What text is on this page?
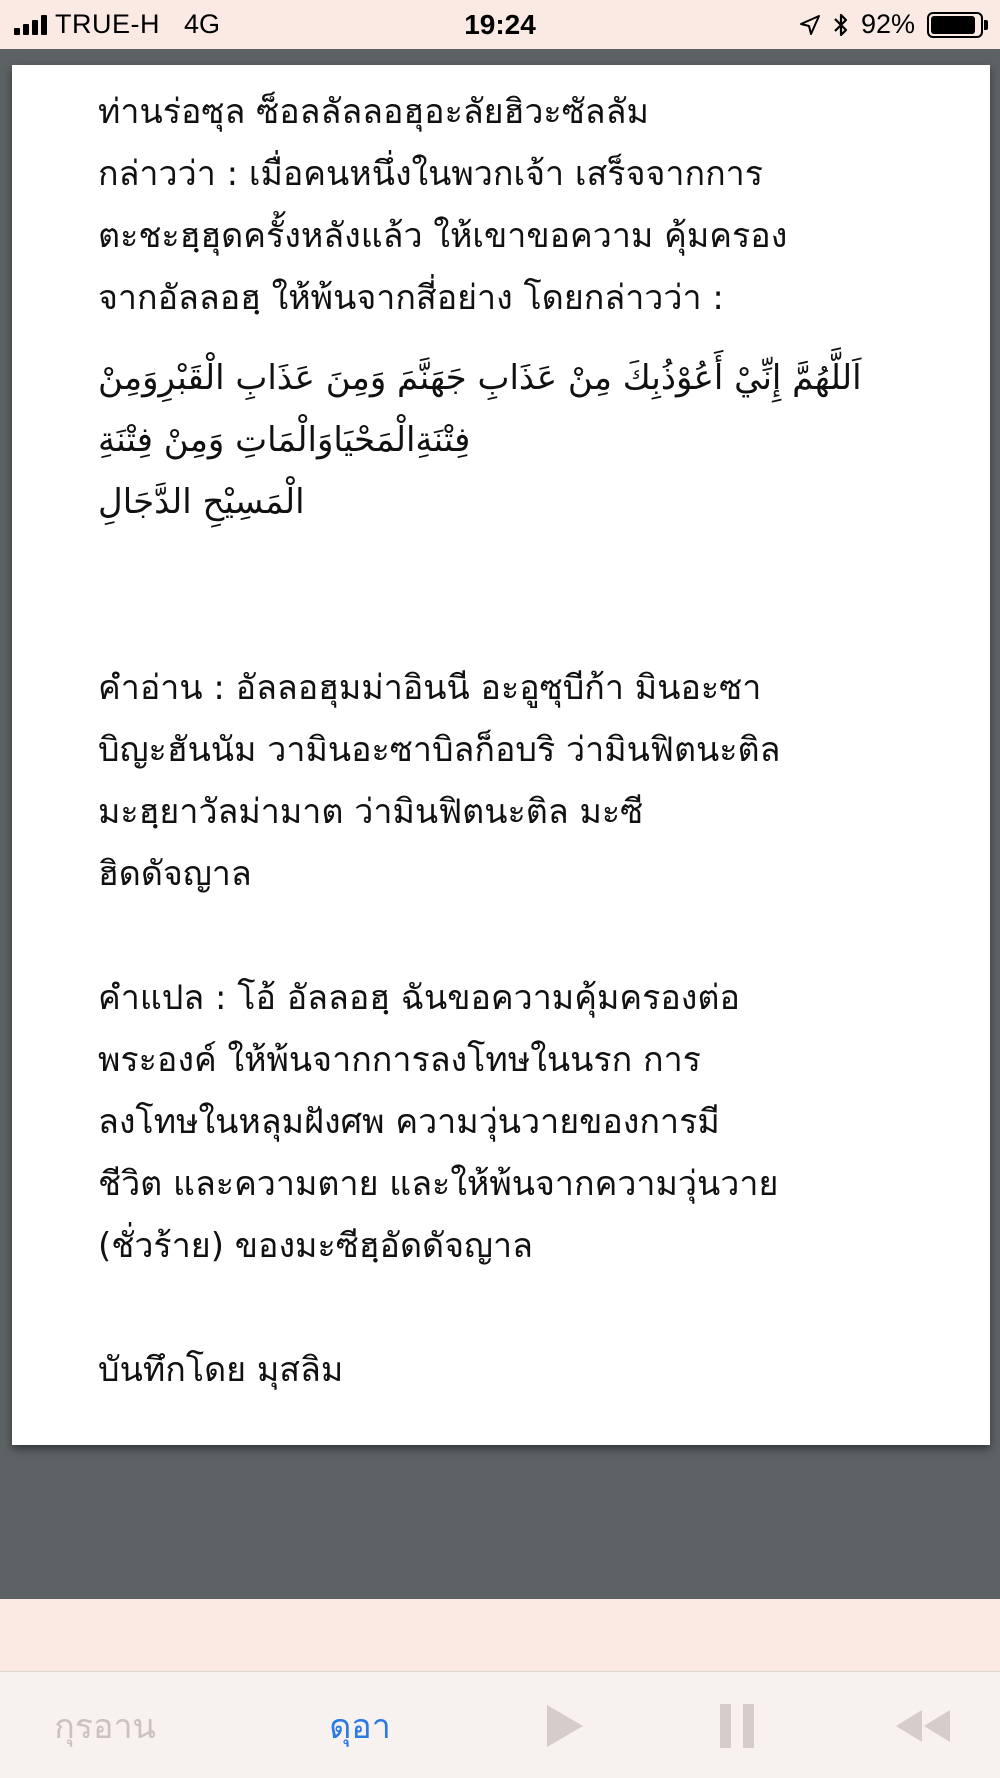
TRUE-H 4G	19:24	92%
ท่านร่อซุล ซ็อลลัลลอฮุอะลัยฮิวะซัลลัม
กล่าวว่า : เมื่อคนหนึ่งในพวกเจ้า เสร็จจากการ
ตะชะฮฺฮุดครั้งหลังแล้ว ให้เขาขอความ คุ้มครอง
จากอัลลอฮฺ ให้พ้นจากสี่อย่าง โดยกล่าวว่า :
اَللَّهُمَّ إِنِّيْ أَعُوْذُبِكَ مِنْ عَذَابِ جَهَنَّمَ وَمِنَ عَذَابِ الْقَبْرِوَمِنْ
فِتْنَةِالْمَحْيَاوَالْمَاتِ وَمِنْ فِتْنَةِ
الْمَسِيْحِ الدَّجَالِ
คำอ่าน : อัลลอฮุมม่าอินนี อะอูซุบีก้า มินอะซา
บิญะฮันนัม วามินอะซาบิลก็อบริ ว่ามินฟิตนะติล
มะฮฺยาวัลม่ามาต ว่ามินฟิตนะติล มะซี
ฮิดดัจญาล
คำแปล : โอ้ อัลลอฮฺ ฉันขอความคุ้มครองต่อ
พระองค์ ให้พ้นจากการลงโทษในนรก การ
ลงโทษในหลุมฝังศพ ความวุ่นวายของการมี
ชีวิต และความตาย และให้พ้นจากความวุ่นวาย
(ชั่วร้าย) ของมะซีฮฺอัดดัจญาล
บันทึกโดย มุสลิม
กุรอาน	ดุอา
